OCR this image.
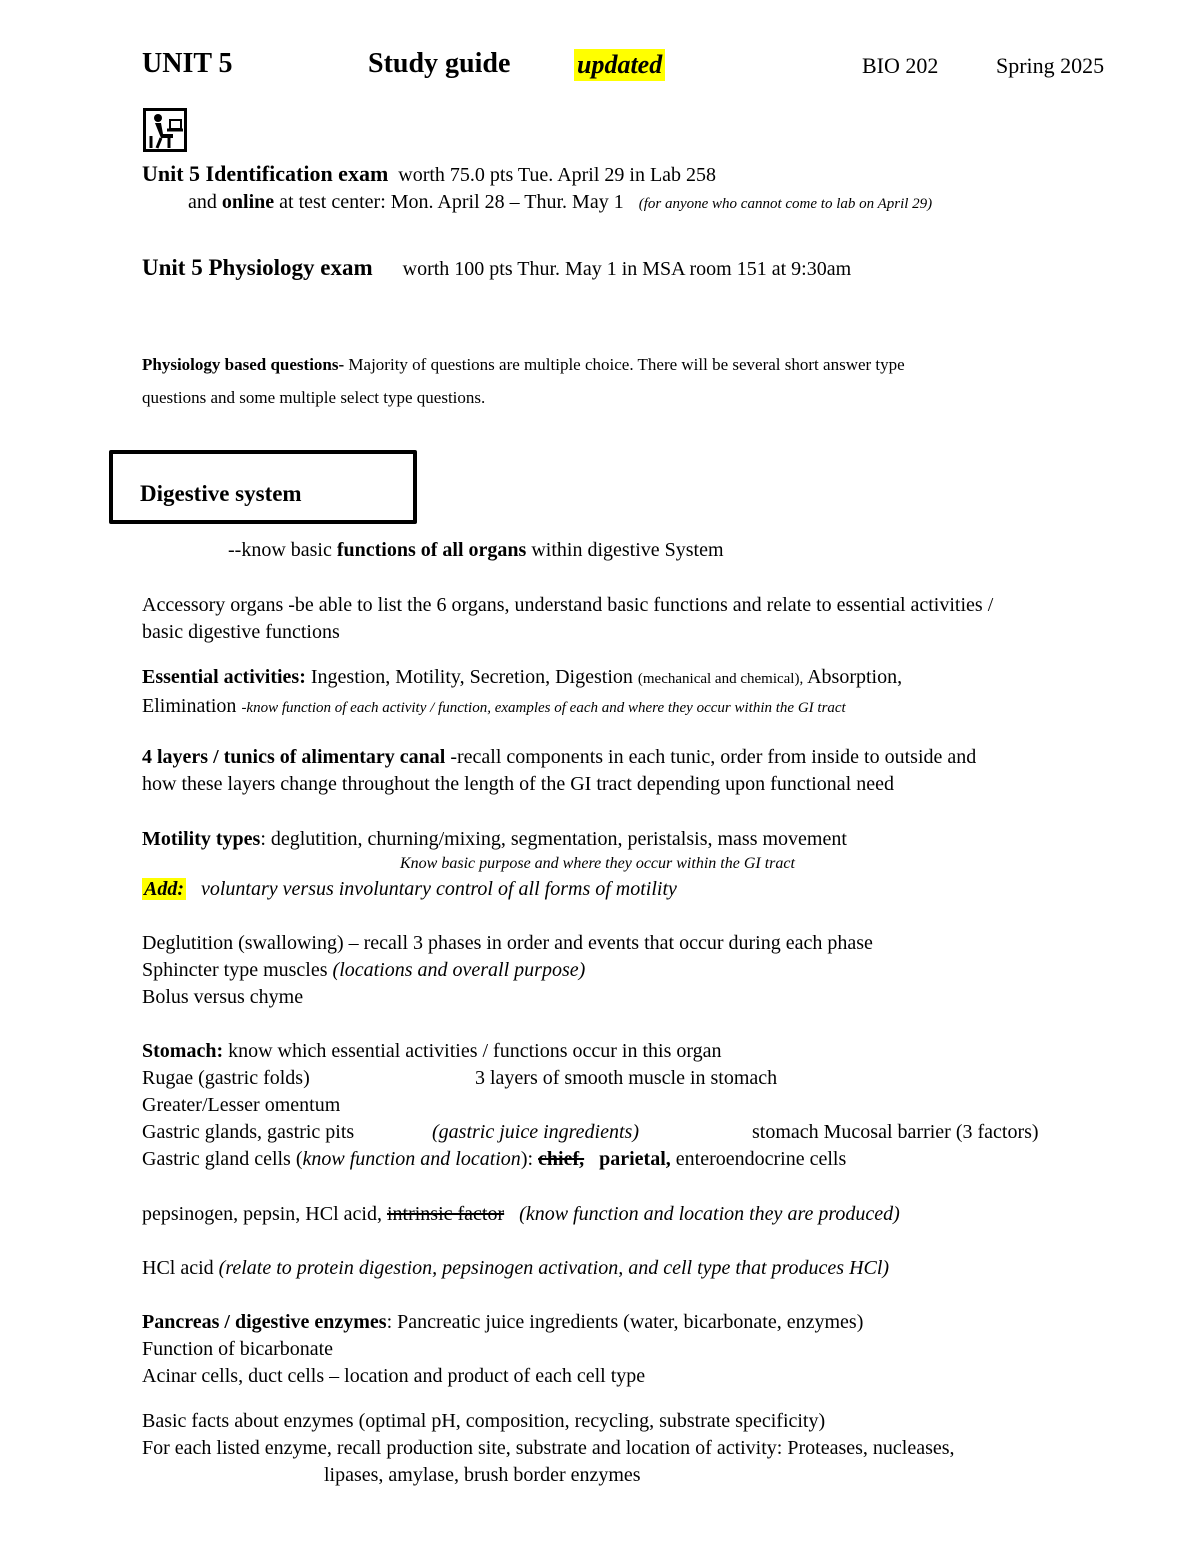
UNIT 5	Study guide	updated	BIO 202	Spring 2025
Unit 5 Identification exam worth 75.0 pts Tue. April 29 in Lab 258
and online at test center: Mon. April 28 – Thur. May 1 (for anyone who cannot come to lab on April 29)
Unit 5 Physiology exam worth 100 pts Thur. May 1 in MSA room 151 at 9:30am
Physiology based questions- Majority of questions are multiple choice. There will be several short answer type
questions and some multiple select type questions.
Digestive system
--know basic functions of all organs within digestive System
Accessory organs -be able to list the 6 organs, understand basic functions and relate to essential activities /
basic digestive functions
Essential activities: Ingestion, Motility, Secretion, Digestion (mechanical and chemical), Absorption,
Elimination -know function of each activity / function, examples of each and where they occur within the GI tract
4 layers / tunics of alimentary canal -recall components in each tunic, order from inside to outside and
how these layers change throughout the length of the GI tract depending upon functional need
Motility types: deglutition, churning/mixing, segmentation, peristalsis, mass movement
Know basic purpose and where they occur within the GI tract
Add: voluntary versus involuntary control of all forms of motility
Deglutition (swallowing) – recall 3 phases in order and events that occur during each phase
Sphincter type muscles (locations and overall purpose)
Bolus versus chyme
Stomach: know which essential activities / functions occur in this organ
Rugae (gastric folds)	3 layers of smooth muscle in stomach
Greater/Lesser omentum
Gastric glands, gastric pits	(gastric juice ingredients)	stomach Mucosal barrier (3 factors)
Gastric gland cells (know function and location): chief, parietal, enteroendocrine cells
pepsinogen, pepsin, HCl acid, intrinsic factor (know function and location they are produced)
HCl acid (relate to protein digestion, pepsinogen activation, and cell type that produces HCl)
Pancreas / digestive enzymes: Pancreatic juice ingredients (water, bicarbonate, enzymes)
Function of bicarbonate
Acinar cells, duct cells – location and product of each cell type
Basic facts about enzymes (optimal pH, composition, recycling, substrate specificity)
For each listed enzyme, recall production site, substrate and location of activity: Proteases, nucleases,
lipases, amylase, brush border enzymes
